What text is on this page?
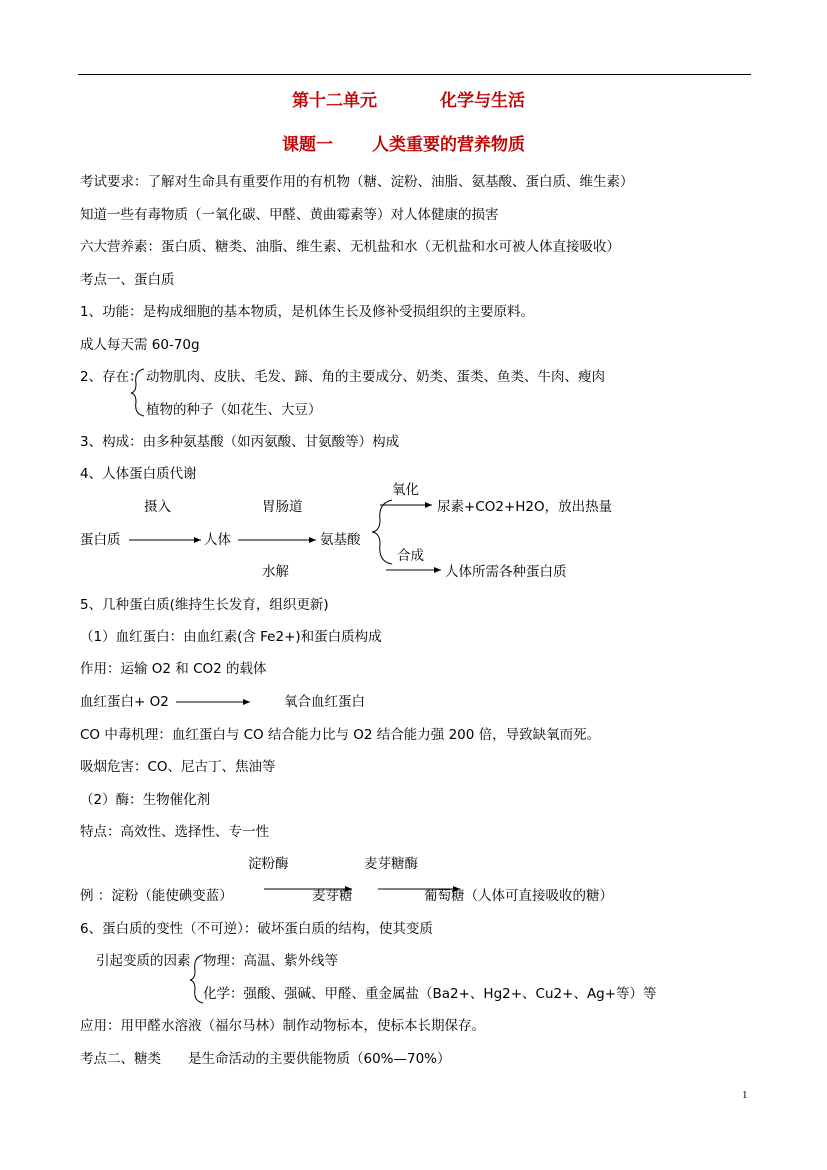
第十二单元	化学与生活
课题一 人类重要的营养物质
考试要求：了解对生命具有重要作用的有机物（糖、淀粉、油脂、氨基酸、蛋白质、维生素）
知道一些有毒物质（一氧化碳、甲醛、黄曲霉素等）对人体健康的损害
六大营养素：蛋白质、糖类、油脂、维生素、无机盐和水（无机盐和水可被人体直接吸收）
考点一、蛋白质
1、功能：是构成细胞的基本物质，是机体生长及修补受损组织的主要原料。
成人每天需 60-70g
2、存在： 动物肌肉、皮肤、毛发、蹄、角的主要成分、奶类、蛋类、鱼类、牛肉、瘦肉
植物的种子（如花生、大豆）
3、构成：由多种氨基酸（如丙氨酸、甘氨酸等）构成
4、人体蛋白质代谢
摄入	胃肠道
氧化
蛋白质	人体	氨基酸
尿素+CO2+H2O，放出热量
合成
水解	人体所需各种蛋白质
5、几种蛋白质(维持生长发育，组织更新)
（1）血红蛋白：由血红素(含 Fe2+)和蛋白质构成
作用：运输 O2 和 CO2 的载体
血红蛋白+ O2	氧合血红蛋白
CO 中毒机理：血红蛋白与 CO 结合能力比与 O2 结合能力强 200 倍，导致缺氧而死。
吸烟危害：CO、尼古丁、焦油等
（2）酶：生物催化剂
特点：高效性、选择性、专一性
淀粉酶	麦芽糖酶
例 ：淀粉（能使碘变蓝）	麦芽糖	葡萄糖（人体可直接吸收的糖）
6、蛋白质的变性（不可逆）：破坏蛋白质的结构，使其变质
引起变质的因素 物理：高温、紫外线等
化学：强酸、强碱、甲醛、重金属盐（Ba2+、Hg2+、Cu2+、Ag+等）等
应用：用甲醛水溶液（福尔马林）制作动物标本，使标本长期保存。
考点二、糖类　　是生命活动的主要供能物质（60%—70%）
1
